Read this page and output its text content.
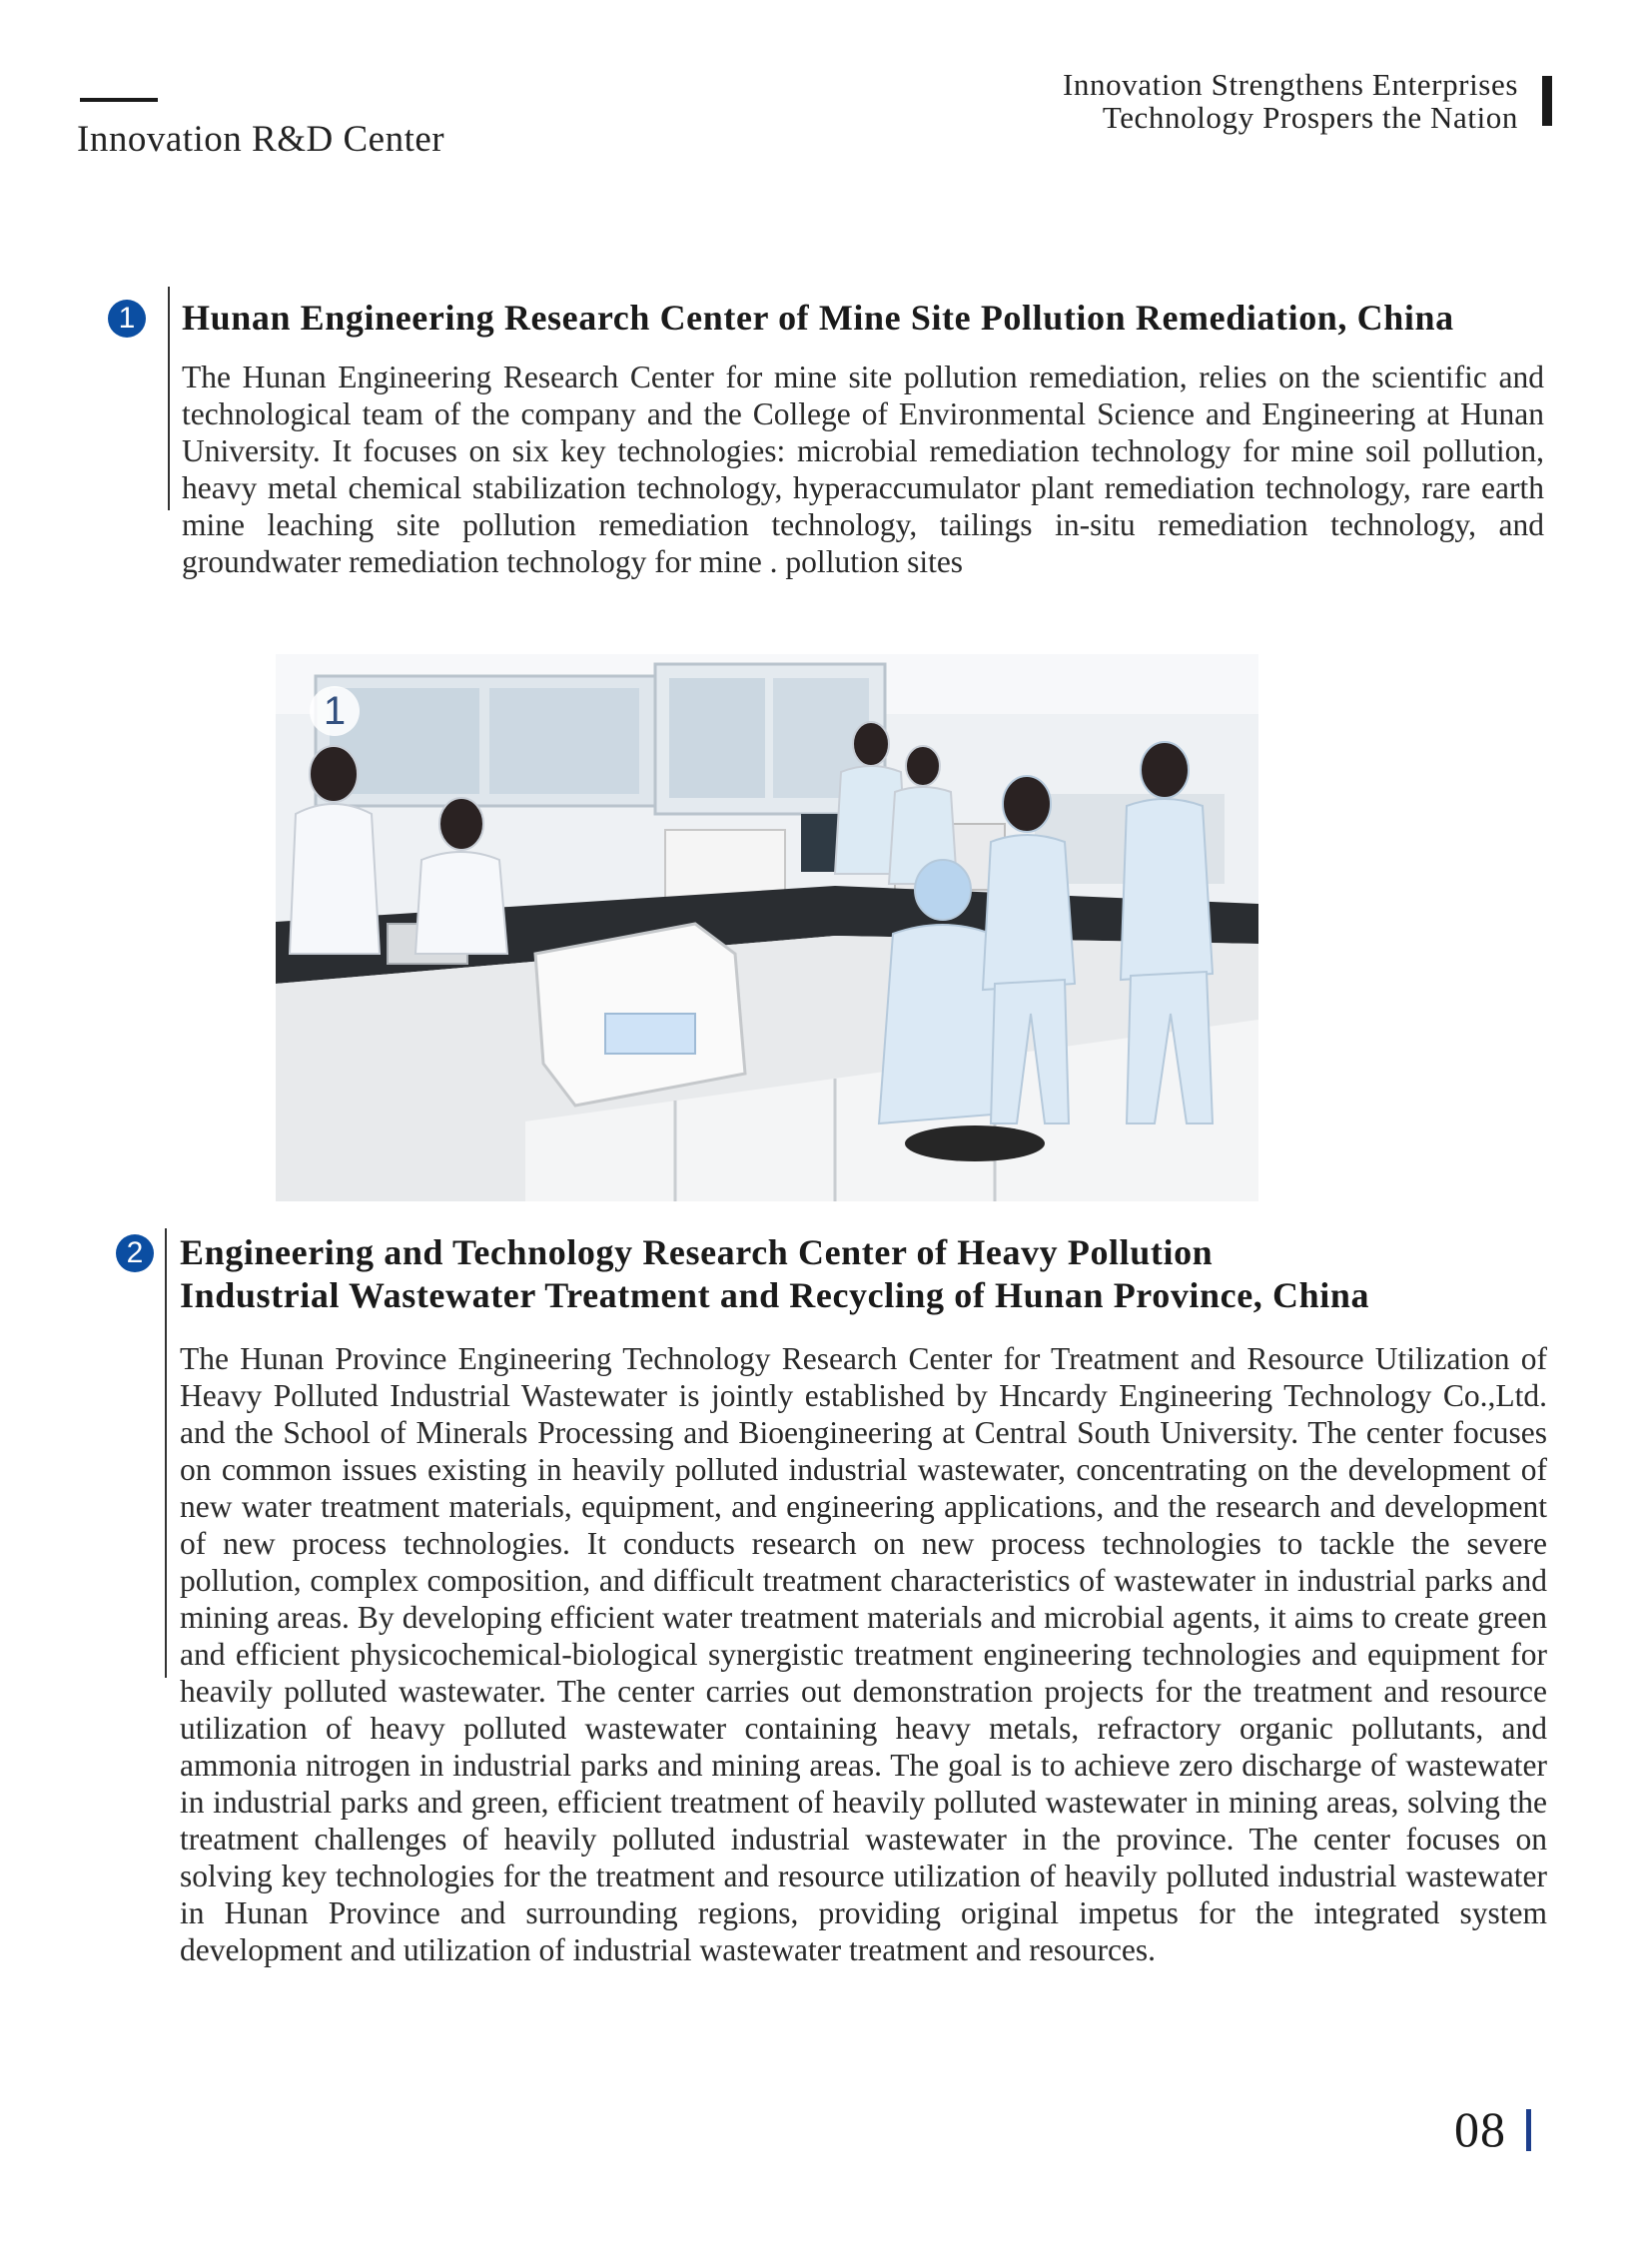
Innovation R&D Center
Innovation Strengthens Enterprises
Technology Prospers the Nation
1 Hunan Engineering Research Center of Mine Site Pollution Remediation, China
The Hunan Engineering Research Center for mine site pollution remediation, relies on the scientific and technological team of the company and the College of Environmental Science and Engineering at Hunan University. It focuses on six key technologies: microbial remediation technology for mine soil pollution, heavy metal chemical stabilization technology, hyperaccumulator plant remediation technology, rare earth mine leaching site pollution remediation technology, tailings in-situ remediation technology, and groundwater remediation technology for mine . pollution sites
1
2 Engineering and Technology Research Center of Heavy Pollution
Industrial Wastewater Treatment and Recycling of Hunan Province, China
The Hunan Province Engineering Technology Research Center for Treatment and Resource Utilization of Heavy Polluted Industrial Wastewater is jointly established by Hncardy Engineering Technology Co.,Ltd. and the School of Minerals Processing and Bioengineering at Central South University. The center focuses on common issues existing in heavily polluted industrial wastewater, concentrating on the development of new water treatment materials, equipment, and engineering applications, and the research and development of new process technologies. It conducts research on new process technologies to tackle the severe pollution, complex composition, and difficult treatment characteristics of wastewater in industrial parks and mining areas. By developing efficient water treatment materials and microbial agents, it aims to create green and efficient physicochemical-biological synergistic treatment engineering technologies and equipment for heavily polluted wastewater. The center carries out demonstration projects for the treatment and resource utilization of heavy polluted wastewater containing heavy metals, refractory organic pollutants, and ammonia nitrogen in industrial parks and mining areas. The goal is to achieve zero discharge of wastewater in industrial parks and green, efficient treatment of heavily polluted wastewater in mining areas, solving the treatment challenges of heavily polluted industrial wastewater in the province. The center focuses on solving key technologies for the treatment and resource utilization of heavily polluted industrial wastewater in Hunan Province and surrounding regions, providing original impetus for the integrated system development and utilization of industrial wastewater treatment and resources.
08
